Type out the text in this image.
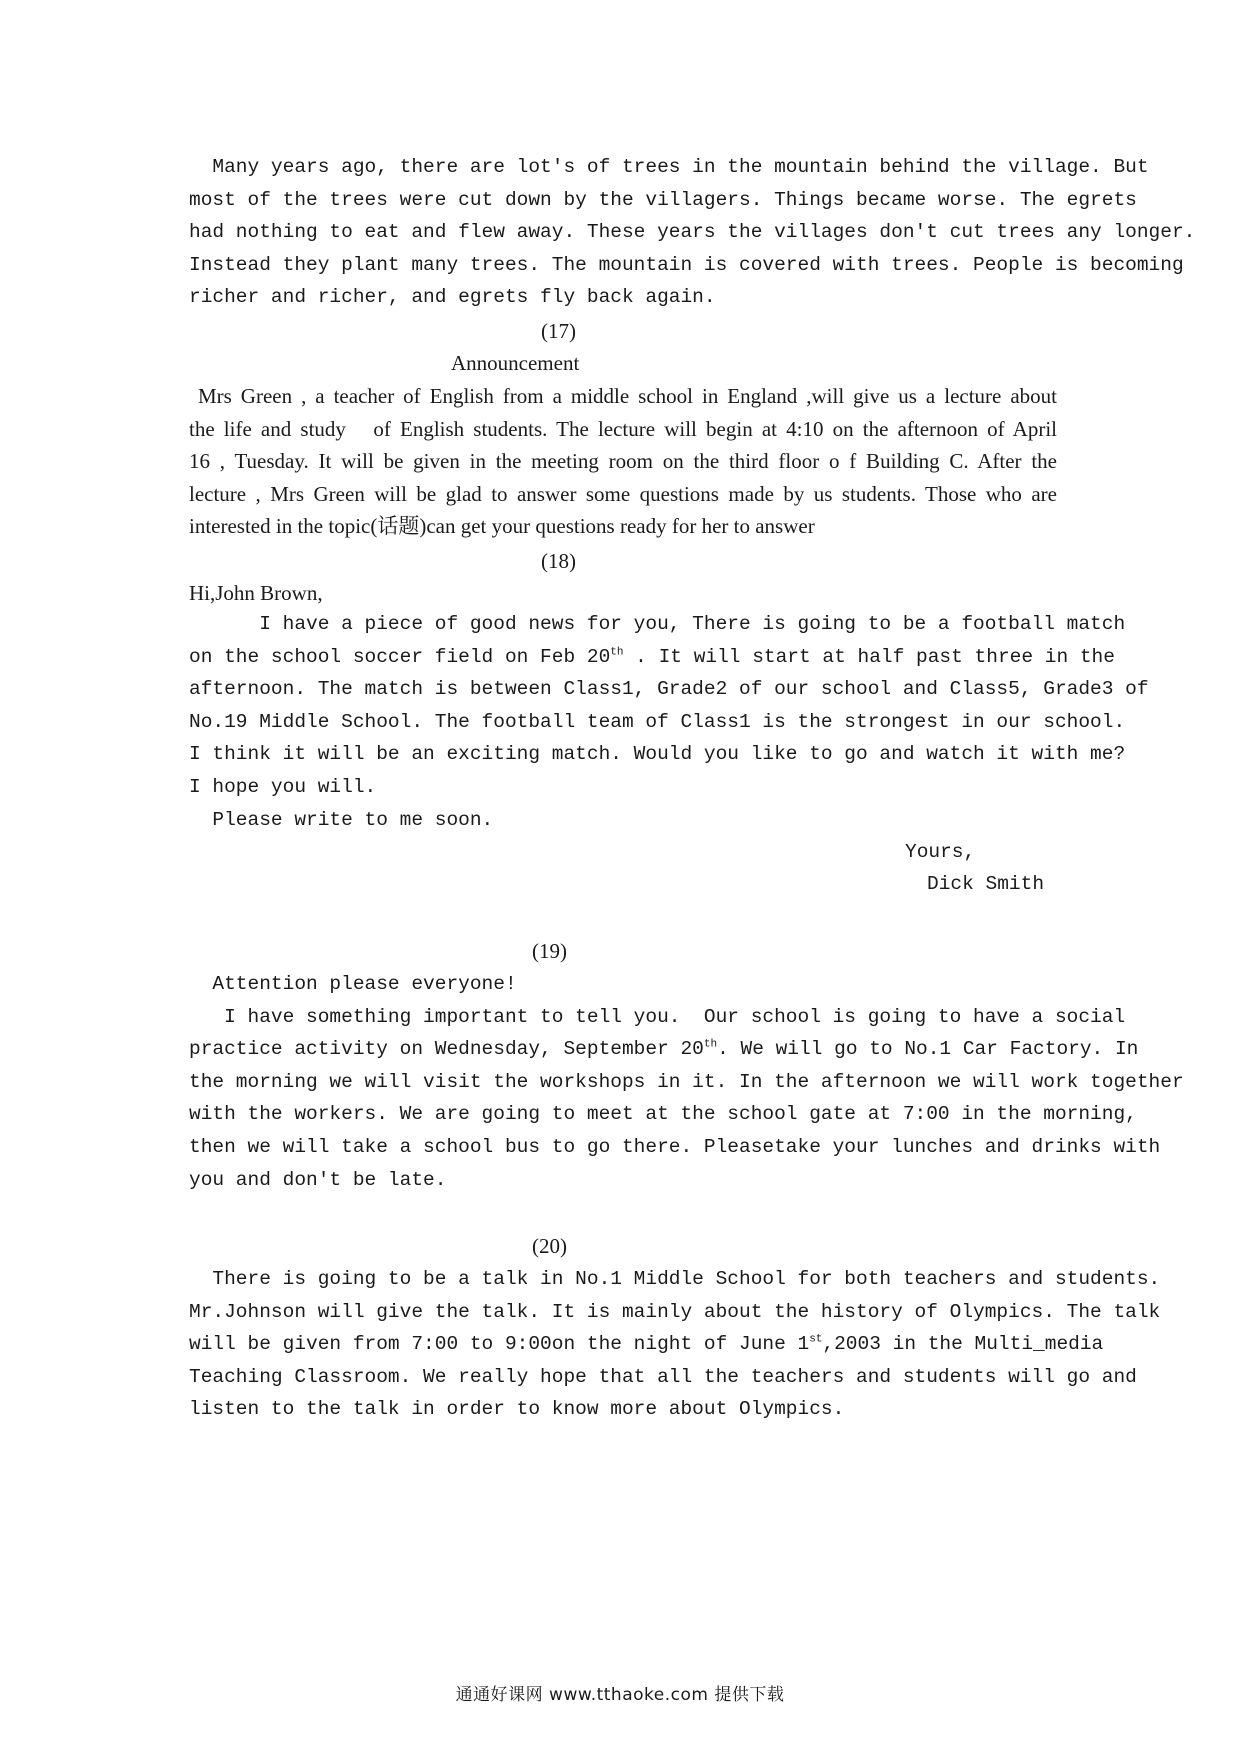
Many years ago, there are lot's of trees in the mountain behind the village. But
most of the trees were cut down by the villagers. Things became worse. The egrets
had nothing to eat and flew away. These years the villages don't cut trees any longer.
Instead they plant many trees. The mountain is covered with trees. People is becoming
richer and richer, and egrets fly back again.
(17)
Announcement
Mrs Green , a teacher of English from a middle school in England ,will give us a lecture about
the life and study   of English students. The lecture will begin at 4:10 on the afternoon of April
16 , Tuesday. It will be given in the meeting room on the third floor o f Building C. After the
lecture , Mrs Green will be glad to answer some questions made by us students. Those who are
interested in the topic(话题)can get your questions ready for her to answer
(18)
Hi,John Brown,
I have a piece of good news for you, There is going to be a football match
on the school soccer field on Feb 20th . It will start at half past three in the
afternoon. The match is between Class1, Grade2 of our school and Class5, Grade3 of
No.19 Middle School. The football team of Class1 is the strongest in our school.
I think it will be an exciting match. Would you like to go and watch it with me?
I hope you will.
Please write to me soon.
Yours,
Dick Smith
(19)
Attention please everyone!
I have something important to tell you.  Our school is going to have a social
practice activity on Wednesday, September 20th. We will go to No.1 Car Factory. In
the morning we will visit the workshops in it. In the afternoon we will work together
with the workers. We are going to meet at the school gate at 7:00 in the morning,
then we will take a school bus to go there. Pleasetake your lunches and drinks with
you and don't be late.
(20)
There is going to be a talk in No.1 Middle School for both teachers and students.
Mr.Johnson will give the talk. It is mainly about the history of Olympics. The talk
will be given from 7:00 to 9:00on the night of June 1st,2003 in the Multi_media
Teaching Classroom. We really hope that all the teachers and students will go and
listen to the talk in order to know more about Olympics.
通通好课网 www.tthaoke.com 提供下载
